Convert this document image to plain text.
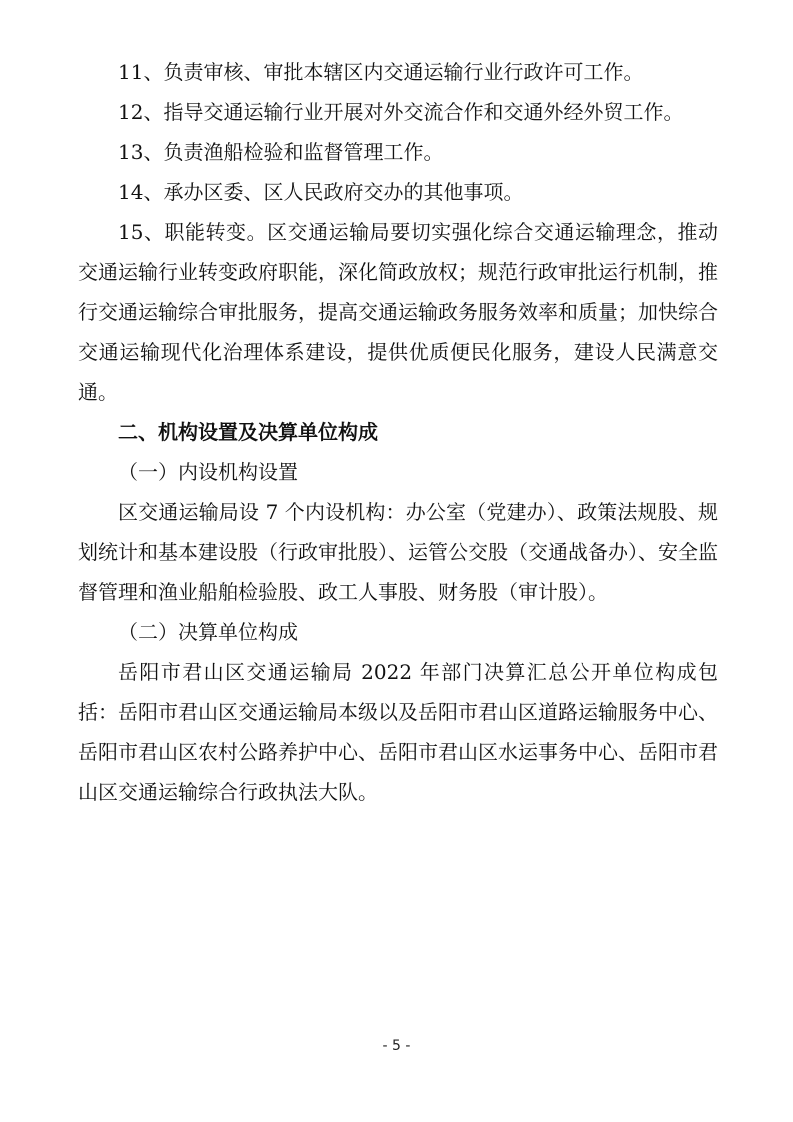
11、负责审核、审批本辖区内交通运输行业行政许可工作。

12、指导交通运输行业开展对外交流合作和交通外经外贸工作。

13、负责渔船检验和监督管理工作。

14、承办区委、区人民政府交办的其他事项。

15、职能转变。区交通运输局要切实强化综合交通运输理念，推动交通运输行业转变政府职能，深化简政放权；规范行政审批运行机制，推行交通运输综合审批服务，提高交通运输政务服务效率和质量；加快综合交通运输现代化治理体系建设，提供优质便民化服务，建设人民满意交通。

二、机构设置及决算单位构成

（一）内设机构设置

区交通运输局设 7 个内设机构：办公室（党建办）、政策法规股、规划统计和基本建设股（行政审批股）、运管公交股（交通战备办）、安全监督管理和渔业船舶检验股、政工人事股、财务股（审计股）。

（二）决算单位构成

岳阳市君山区交通运输局 2022 年部门决算汇总公开单位构成包括：岳阳市君山区交通运输局本级以及岳阳市君山区道路运输服务中心、岳阳市君山区农村公路养护中心、岳阳市君山区水运事务中心、岳阳市君山区交通运输综合行政执法大队。

- 5 -
